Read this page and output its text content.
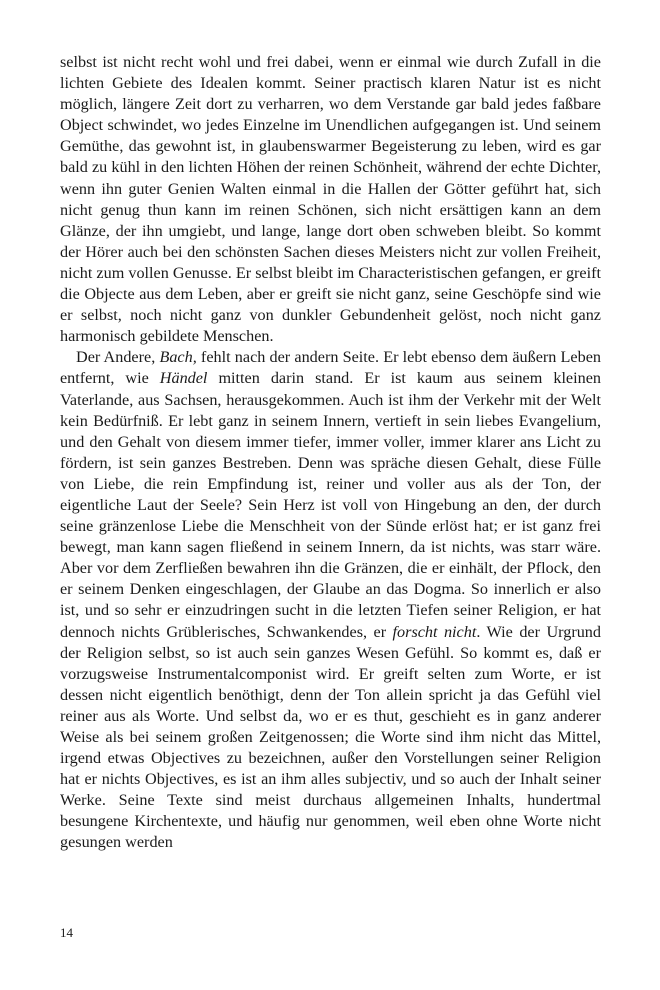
selbst ist nicht recht wohl und frei dabei, wenn er einmal wie durch Zufall in die lichten Gebiete des Idealen kommt. Seiner practisch klaren Natur ist es nicht möglich, längere Zeit dort zu verharren, wo dem Verstande gar bald jedes faßbare Object schwindet, wo jedes Einzelne im Unendlichen aufgegangen ist. Und seinem Gemüthe, das gewohnt ist, in glaubenswarmer Begeisterung zu leben, wird es gar bald zu kühl in den lichten Höhen der reinen Schönheit, während der echte Dichter, wenn ihn guter Genien Walten einmal in die Hallen der Götter geführt hat, sich nicht genug thun kann im reinen Schönen, sich nicht ersättigen kann an dem Glänze, der ihn umgiebt, und lange, lange dort oben schweben bleibt. So kommt der Hörer auch bei den schönsten Sachen dieses Meisters nicht zur vollen Freiheit, nicht zum vollen Genusse. Er selbst bleibt im Characteristischen gefangen, er greift die Objecte aus dem Leben, aber er greift sie nicht ganz, seine Geschöpfe sind wie er selbst, noch nicht ganz von dunkler Gebundenheit gelöst, noch nicht ganz harmonisch gebildete Menschen.

Der Andere, Bach, fehlt nach der andern Seite. Er lebt ebenso dem äußern Leben entfernt, wie Händel mitten darin stand. Er ist kaum aus seinem kleinen Vaterlande, aus Sachsen, herausgekommen. Auch ist ihm der Verkehr mit der Welt kein Bedürfniß. Er lebt ganz in seinem Innern, vertieft in sein liebes Evangelium, und den Gehalt von diesem immer tiefer, immer voller, immer klarer ans Licht zu fördern, ist sein ganzes Bestreben. Denn was spräche diesen Gehalt, diese Fülle von Liebe, die rein Empfindung ist, reiner und voller aus als der Ton, der eigentliche Laut der Seele? Sein Herz ist voll von Hingebung an den, der durch seine gränzenlose Liebe die Menschheit von der Sünde erlöst hat; er ist ganz frei bewegt, man kann sagen fließend in seinem Innern, da ist nichts, was starr wäre. Aber vor dem Zerfließen bewahren ihn die Gränzen, die er einhält, der Pflock, den er seinem Denken eingeschlagen, der Glaube an das Dogma. So innerlich er also ist, und so sehr er einzudringen sucht in die letzten Tiefen seiner Religion, er hat dennoch nichts Grüblerisches, Schwankendes, er forscht nicht. Wie der Urgrund der Religion selbst, so ist auch sein ganzes Wesen Gefühl. So kommt es, daß er vorzugsweise Instrumentalcomponist wird. Er greift selten zum Worte, er ist dessen nicht eigentlich benöthigt, denn der Ton allein spricht ja das Gefühl viel reiner aus als Worte. Und selbst da, wo er es thut, geschieht es in ganz anderer Weise als bei seinem großen Zeitgenossen; die Worte sind ihm nicht das Mittel, irgend etwas Objectives zu bezeichnen, außer den Vorstellungen seiner Religion hat er nichts Objectives, es ist an ihm alles subjectiv, und so auch der Inhalt seiner Werke. Seine Texte sind meist durchaus allgemeinen Inhalts, hundertmal besungene Kirchentexte, und häufig nur genommen, weil eben ohne Worte nicht gesungen werden

14
